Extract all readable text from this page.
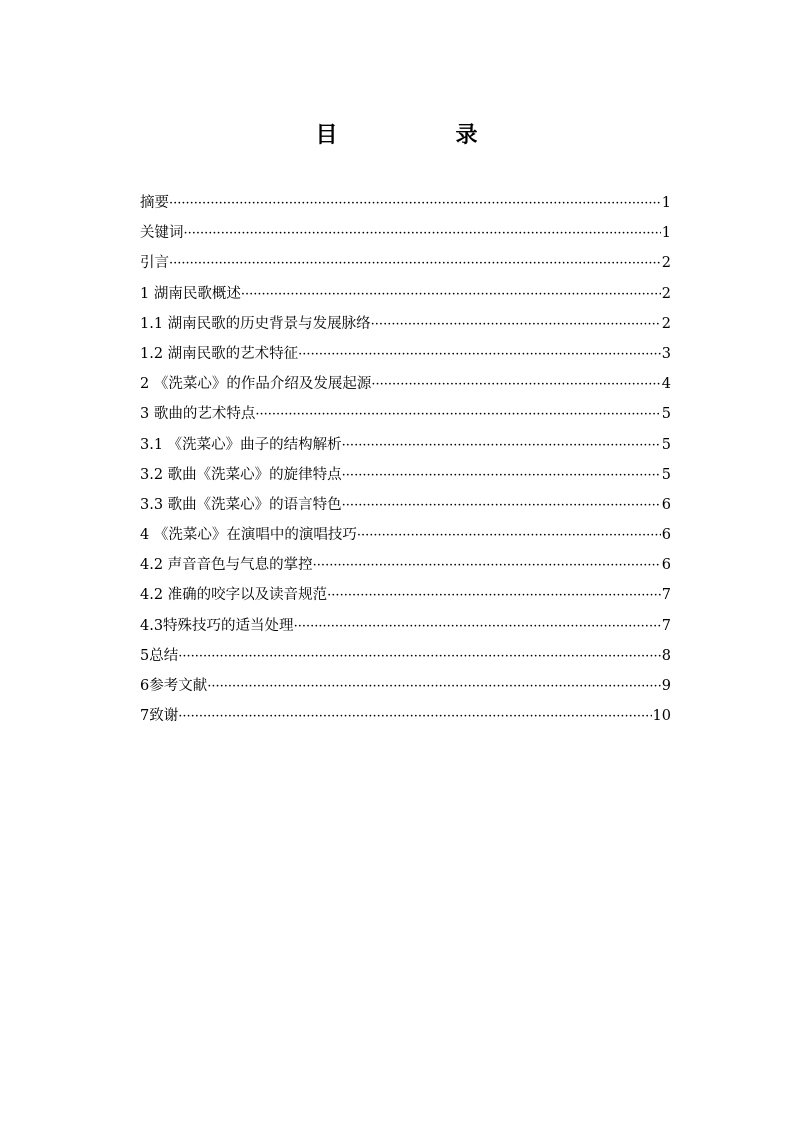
目　录
摘要 ·····	1
关键词 ·····	1
引言 ·····	2
1 湖南民歌概述 ·····	2
1.1 湖南民歌的历史背景与发展脉络 ·····	2
1.2 湖南民歌的艺术特征 ·····	3
2 《洗菜心》的作品介绍及发展起源 ·····	4
3 歌曲的艺术特点 ·····	5
3.1 《洗菜心》曲子的结构解析 ·····	5
3.2 歌曲《洗菜心》的旋律特点 ·····	5
3.3 歌曲《洗菜心》的语言特色 ·····	6
4 《洗菜心》在演唱中的演唱技巧 ·····	6
4.2 声音音色与气息的掌控 ·····	6
4.2 准确的咬字以及读音规范 ·····	7
4.3特殊技巧的适当处理 ·····	7
5总结 ·····	8
6参考文献 ·····	9
7致谢 ·····	10
